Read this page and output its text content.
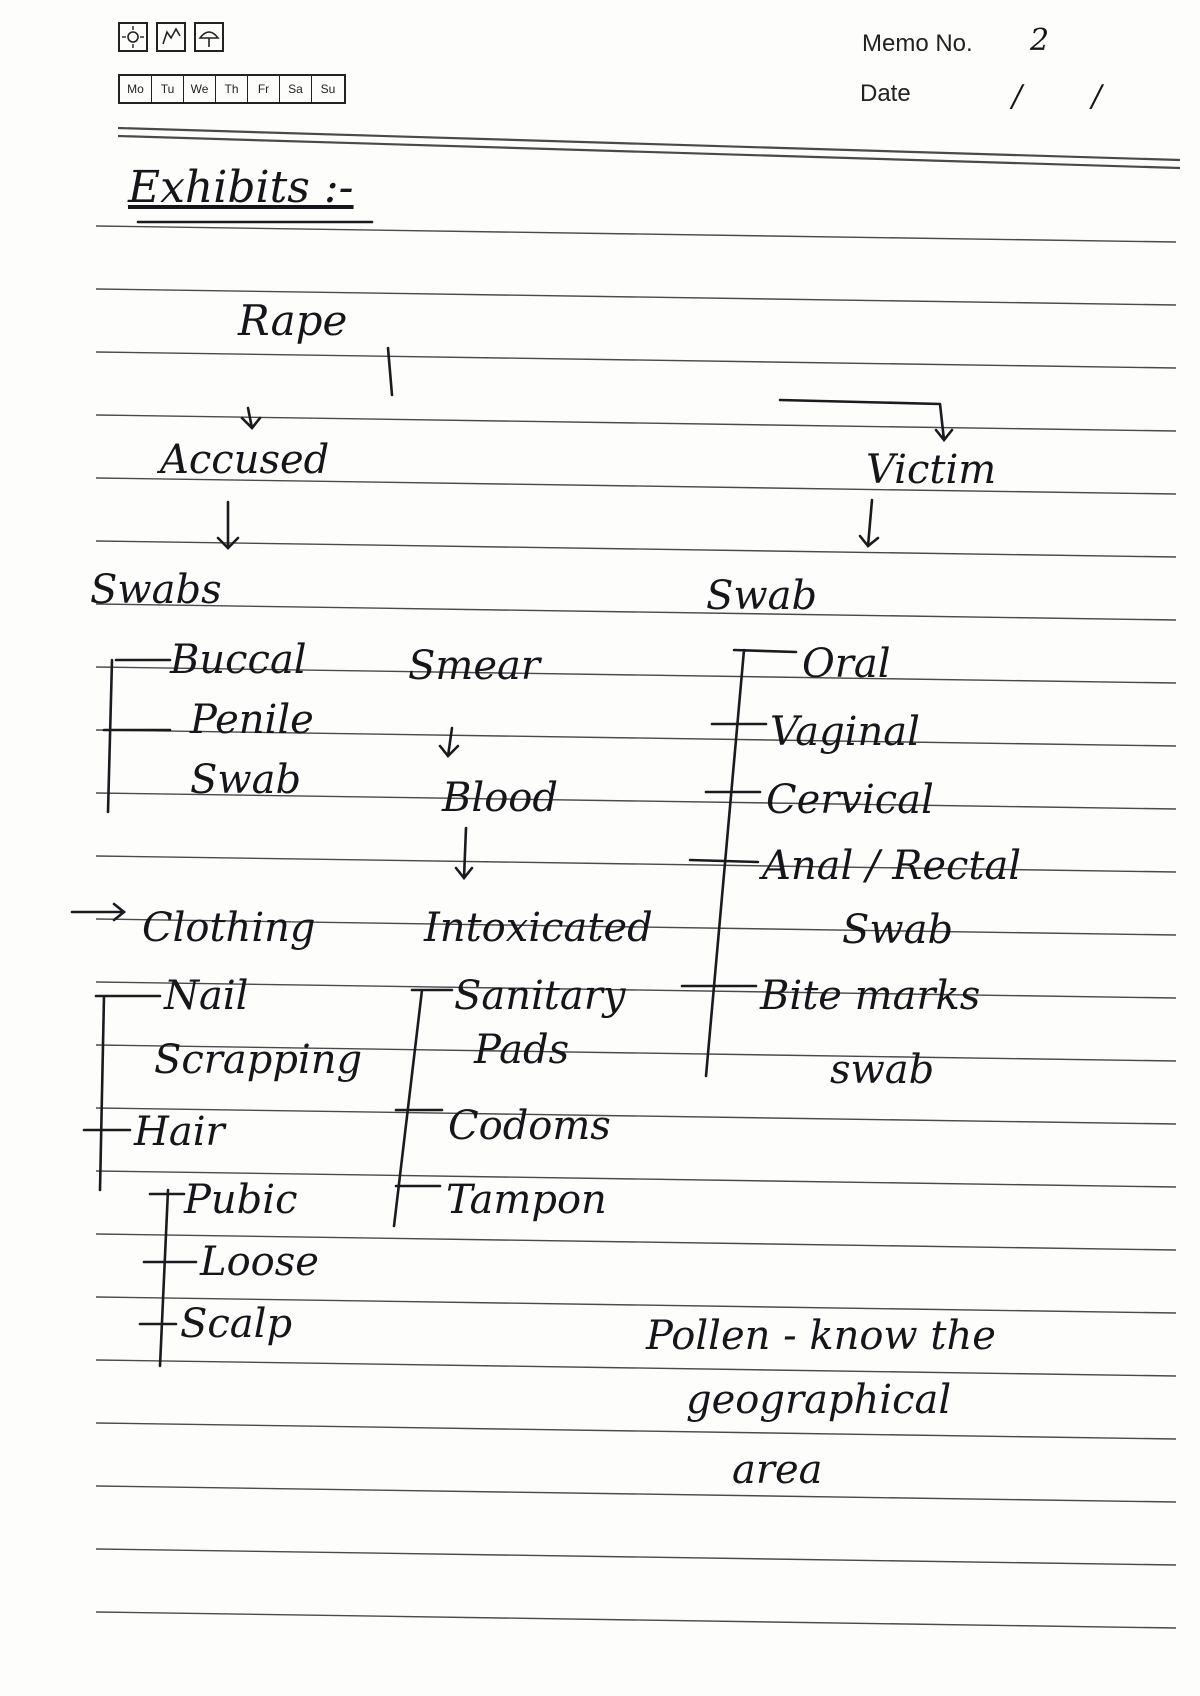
Mo	Tu	We	Th	Fr	Sa	Su
Memo No. 2
Date	/ /
Exhibits :-
Rape
Accused
Swabs
Buccal
Penile
Swab
Smear
Blood
Intoxicated
Sanitary
Pads
Codoms
Tampon
Clothing
Nail
Scrapping
Hair
Pubic
Loose
Scalp
Victim
Swab
Oral
Vaginal
Cervical
Anal / Rectal
Swab
Bite marks
swab
Pollen - know the
geographical
area
